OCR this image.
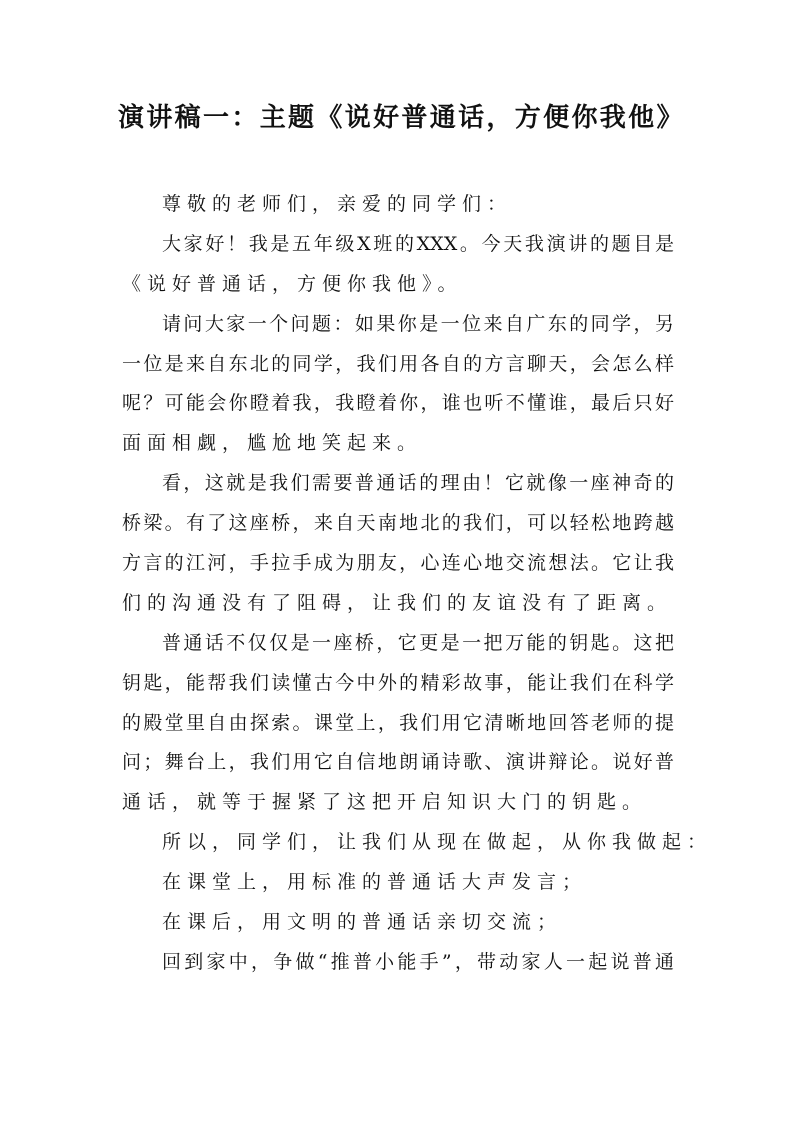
演讲稿一：主题《说好普通话，方便你我他》
尊敬的老师们，亲爱的同学们：
大家好！我是五年级X班的XXX。今天我演讲的题目是
《说好普通话，方便你我他》。
请问大家一个问题：如果你是一位来自广东的同学，另
一位是来自东北的同学，我们用各自的方言聊天，会怎么样
呢？可能会你瞪着我，我瞪着你，谁也听不懂谁，最后只好
面面相觑，尴尬地笑起来。
看，这就是我们需要普通话的理由！它就像一座神奇的
桥梁。有了这座桥，来自天南地北的我们，可以轻松地跨越
方言的江河，手拉手成为朋友，心连心地交流想法。它让我
们的沟通没有了阻碍，让我们的友谊没有了距离。
普通话不仅仅是一座桥，它更是一把万能的钥匙。这把
钥匙，能帮我们读懂古今中外的精彩故事，能让我们在科学
的殿堂里自由探索。课堂上，我们用它清晰地回答老师的提
问；舞台上，我们用它自信地朗诵诗歌、演讲辩论。说好普
通话，就等于握紧了这把开启知识大门的钥匙。
所以，同学们，让我们从现在做起，从你我做起：
在课堂上，用标准的普通话大声发言；
在课后，用文明的普通话亲切交流；
回到家中，争做“推普小能手”，带动家人一起说普通
